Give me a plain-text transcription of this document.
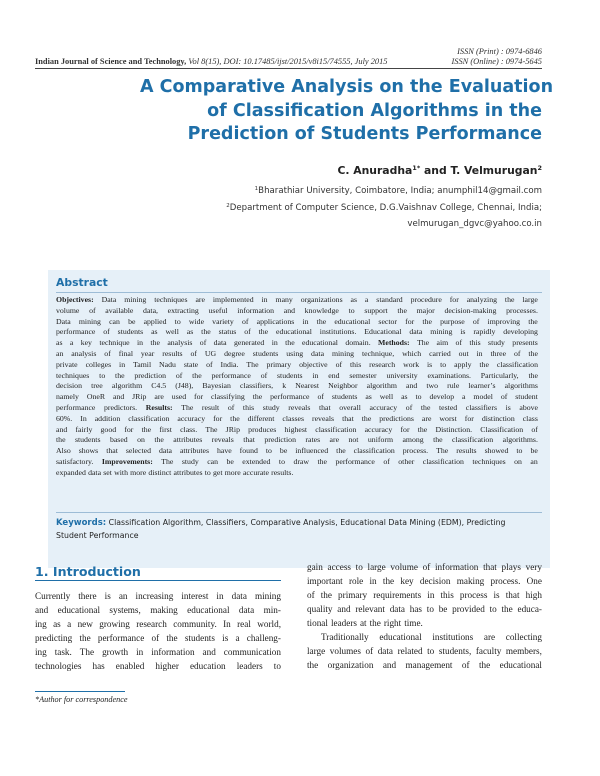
ISSN (Print) : 0974-6846
ISSN (Online) : 0974-5645
Indian Journal of Science and Technology, Vol 8(15), DOI: 10.17485/ijst/2015/v8i15/74555, July 2015
A Comparative Analysis on the Evaluation
of Classification Algorithms in the
Prediction of Students Performance
C. Anuradha$^{1*}$ and T. Velmurugan$^2$
$^1$Bharathiar University, Coimbatore, India; anumphil14@gmail.com
$^2$Department of Computer Science, D.G.Vaishnav College, Chennai, India;
velmurugan_dgvc@yahoo.co.in
Abstract
Objectives: Data mining techniques are implemented in many organizations as a standard procedure for analyzing the large
volume of available data, extracting useful information and knowledge to support the major decision-making processes.
Data mining can be applied to wide variety of applications in the educational sector for the purpose of improving the
performance of students as well as the status of the educational institutions. Educational data mining is rapidly developing
as a key technique in the analysis of data generated in the educational domain. Methods: The aim of this study presents
an analysis of final year results of UG degree students using data mining technique, which carried out in three of the
private colleges in Tamil Nadu state of India. The primary objective of this research work is to apply the classification
techniques to the prediction of the performance of students in end semester university examinations. Particularly, the
decision tree algorithm C4.5 (J48), Bayesian classifiers, k Nearest Neighbor algorithm and two rule learner’s algorithms
namely OneR and JRip are used for classifying the performance of students as well as to develop a model of student
performance predictors. Results: The result of this study reveals that overall accuracy of the tested classifiers is above
60%. In addition classification accuracy for the different classes reveals that the predictions are worst for distinction class
and fairly good for the first class. The JRip produces highest classification accuracy for the Distinction. Classification of
the students based on the attributes reveals that prediction rates are not uniform among the classification algorithms.
Also shows that selected data attributes have found to be influenced the classification process. The results showed to be
satisfactory. Improvements: The study can be extended to draw the performance of other classification techniques on an
expanded data set with more distinct attributes to get more accurate results.
Keywords: Classification Algorithm, Classifiers, Comparative Analysis, Educational Data Mining (EDM), Predicting
Student Performance
1. Introduction
Currently there is an increasing interest in data mining
and educational systems, making educational data min-
ing as a new growing research community. In real world,
predicting the performance of the students is a challeng-
ing task. The growth in information and communication
technologies has enabled higher education leaders to
gain access to large volume of information that plays very
important role in the key decision making process. One
of the primary requirements in this process is that high
quality and relevant data has to be provided to the educa-
tional leaders at the right time.
Traditionally educational institutions are collecting
large volumes of data related to students, faculty members,
the organization and management of the educational
*Author for correspondence
